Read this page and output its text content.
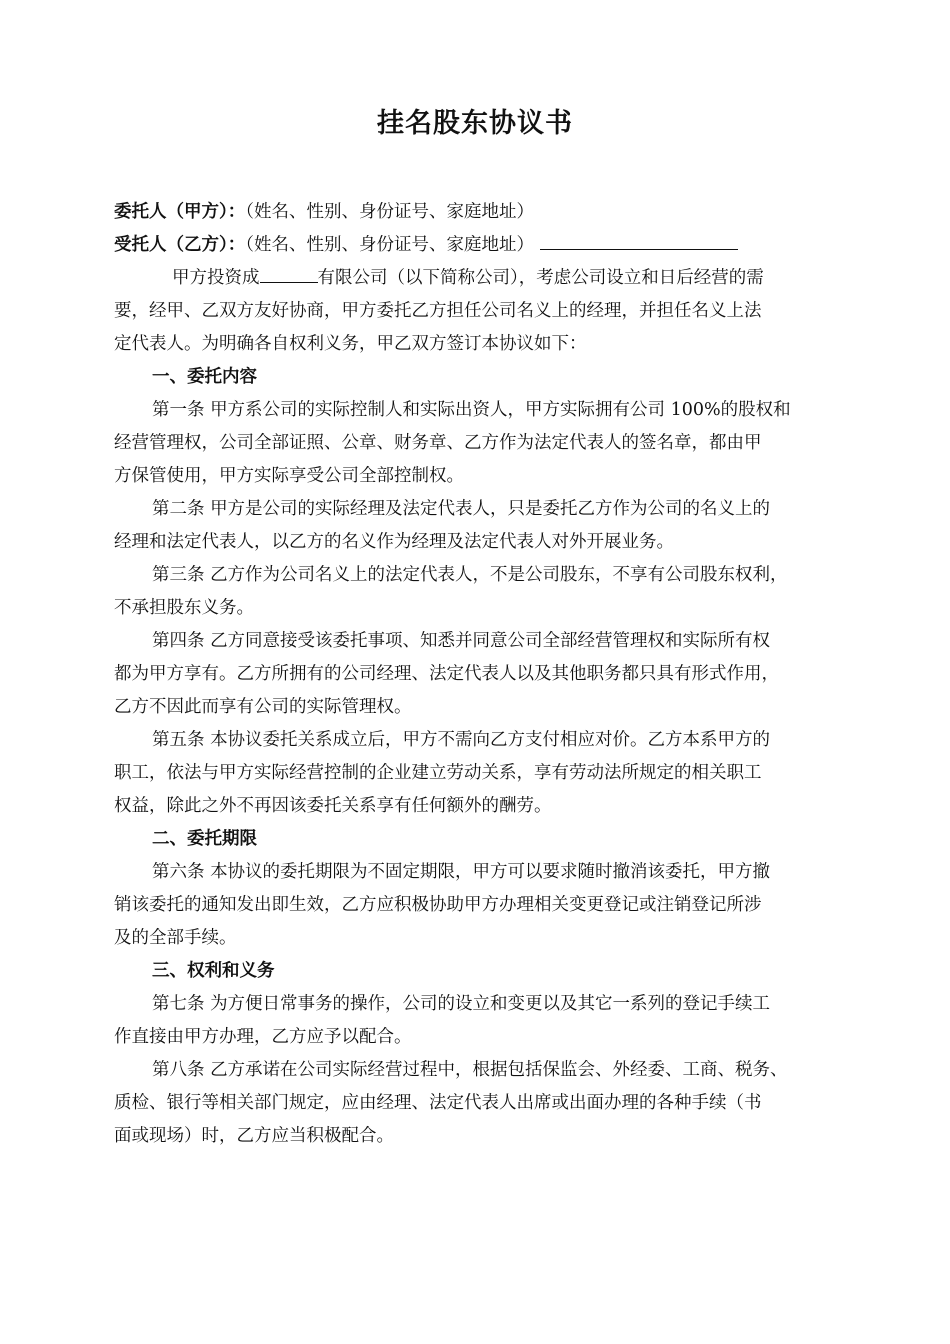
挂名股东协议书
委托人（甲方）：（姓名、性别、身份证号、家庭地址）
受托人（乙方）：（姓名、性别、身份证号、家庭地址）
甲方投资成	有限公司（以下简称公司），考虑公司设立和日后经营的需
要，经甲、乙双方友好协商，甲方委托乙方担任公司名义上的经理，并担任名义上法
定代表人。为明确各自权利义务，甲乙双方签订本协议如下：
一、委托内容
第一条 甲方系公司的实际控制人和实际出资人，甲方实际拥有公司 100%的股权和
经营管理权，公司全部证照、公章、财务章、乙方作为法定代表人的签名章，都由甲
方保管使用，甲方实际享受公司全部控制权。
第二条 甲方是公司的实际经理及法定代表人，只是委托乙方作为公司的名义上的
经理和法定代表人，以乙方的名义作为经理及法定代表人对外开展业务。
第三条 乙方作为公司名义上的法定代表人，不是公司股东，不享有公司股东权利，
不承担股东义务。
第四条 乙方同意接受该委托事项、知悉并同意公司全部经营管理权和实际所有权
都为甲方享有。乙方所拥有的公司经理、法定代表人以及其他职务都只具有形式作用，
乙方不因此而享有公司的实际管理权。
第五条 本协议委托关系成立后，甲方不需向乙方支付相应对价。乙方本系甲方的
职工，依法与甲方实际经营控制的企业建立劳动关系，享有劳动法所规定的相关职工
权益，除此之外不再因该委托关系享有任何额外的酬劳。
二、委托期限
第六条 本协议的委托期限为不固定期限，甲方可以要求随时撤消该委托，甲方撤
销该委托的通知发出即生效，乙方应积极协助甲方办理相关变更登记或注销登记所涉
及的全部手续。
三、权利和义务
第七条 为方便日常事务的操作，公司的设立和变更以及其它一系列的登记手续工
作直接由甲方办理，乙方应予以配合。
第八条 乙方承诺在公司实际经营过程中，根据包括保监会、外经委、工商、税务、
质检、银行等相关部门规定，应由经理、法定代表人出席或出面办理的各种手续（书
面或现场）时，乙方应当积极配合。
